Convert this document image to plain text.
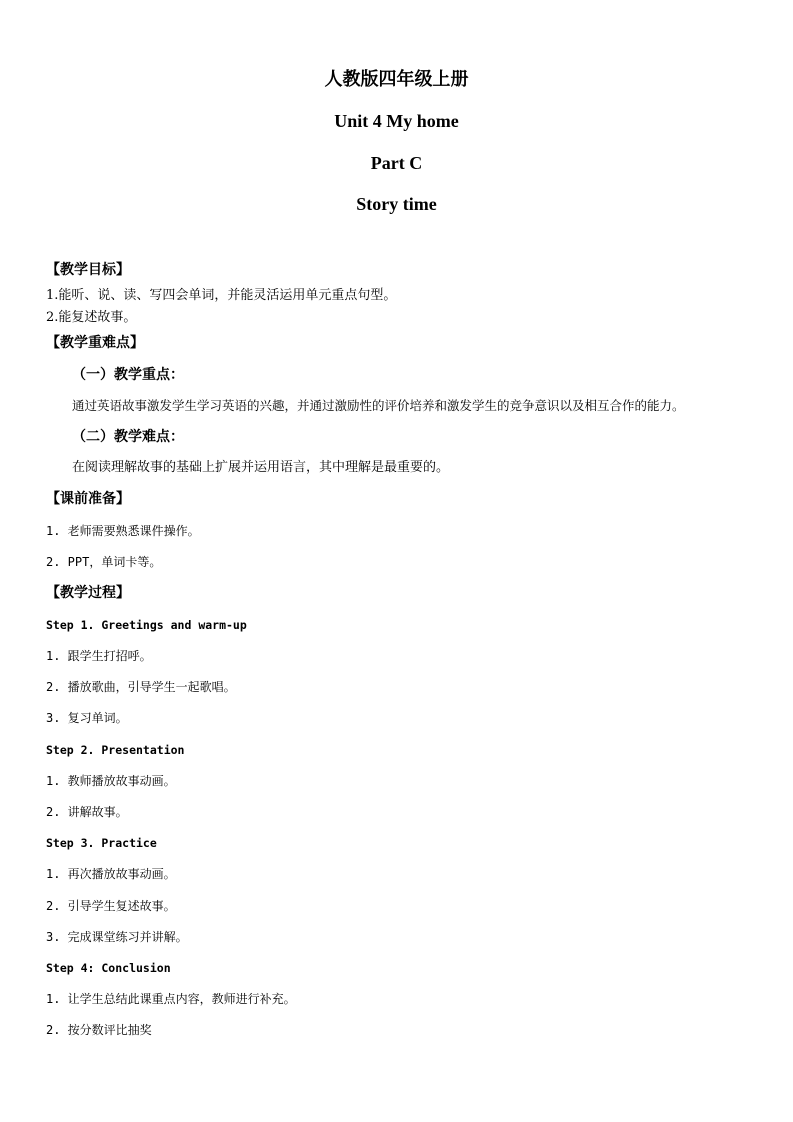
人教版四年级上册
Unit 4 My home
Part C
Story time
【教学目标】
1.能听、说、读、写四会单词，并能灵活运用单元重点句型。
2.能复述故事。
【教学重难点】
（一）教学重点：
通过英语故事激发学生学习英语的兴趣，并通过激励性的评价培养和激发学生的竞争意识以及相互合作的能力。
（二）教学难点：
在阅读理解故事的基础上扩展并运用语言，其中理解是最重要的。
【课前准备】
1. 老师需要熟悉课件操作。
2. PPT，单词卡等。
【教学过程】
Step 1. Greetings and warm-up
1. 跟学生打招呼。
2. 播放歌曲，引导学生一起歌唱。
3. 复习单词。
Step 2. Presentation
1. 教师播放故事动画。
2. 讲解故事。
Step 3. Practice
1. 再次播放故事动画。
2. 引导学生复述故事。
3. 完成课堂练习并讲解。
Step 4: Conclusion
1. 让学生总结此课重点内容，教师进行补充。
2. 按分数评比抽奖
